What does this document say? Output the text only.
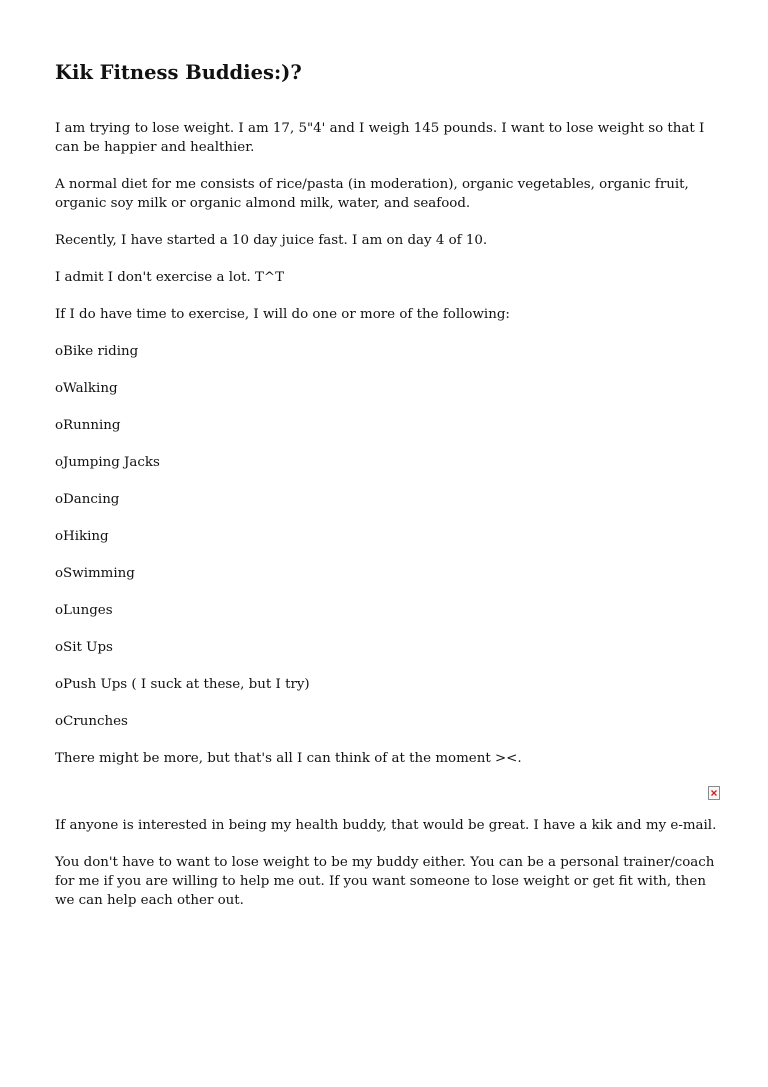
Kik Fitness Buddies:)?

I am trying to lose weight. I am 17, 5"4' and I weigh 145 pounds. I want to lose weight so that I can be happier and healthier.

A normal diet for me consists of rice/pasta (in moderation), organic vegetables, organic fruit, organic soy milk or organic almond milk, water, and seafood.

Recently, I have started a 10 day juice fast. I am on day 4 of 10.

I admit I don't exercise a lot. T^T

If I do have time to exercise, I will do one or more of the following:

oBike riding

oWalking

oRunning

oJumping Jacks

oDancing

oHiking

oSwimming

oLunges

oSit Ups

oPush Ups ( I suck at these, but I try)

oCrunches

There might be more, but that's all I can think of at the moment ><.

If anyone is interested in being my health buddy, that would be great. I have a kik and my e-mail.

You don't have to want to lose weight to be my buddy either. You can be a personal trainer/coach for me if you are willing to help me out. If you want someone to lose weight or get fit with, then we can help each other out.
